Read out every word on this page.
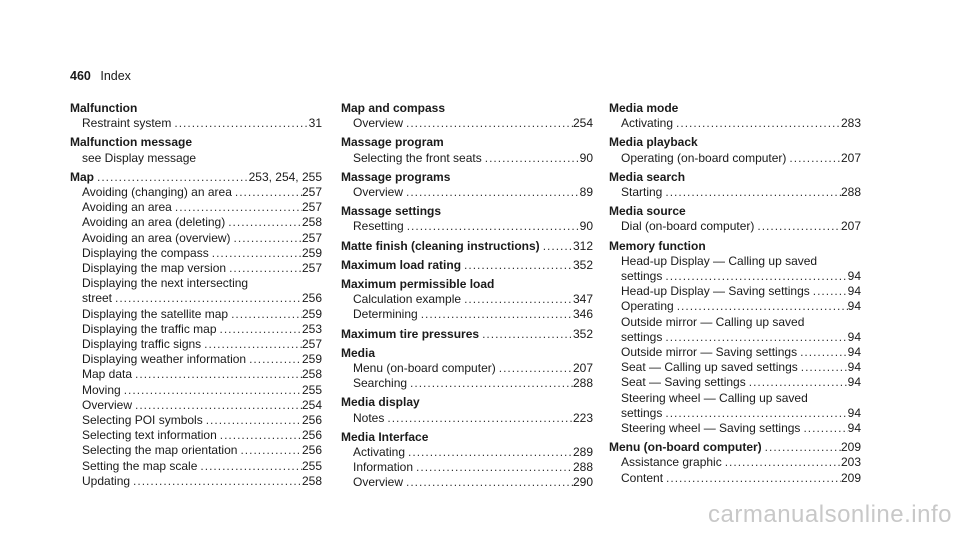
460 Index
Malfunction
Restraint system .....	31
Malfunction message
see Display message
Map .....	253, 254, 255
Avoiding (changing) an area .....	257
Avoiding an area .....	257
Avoiding an area (deleting) .....	258
Avoiding an area (overview) .....	257
Displaying the compass .....	259
Displaying the map version .....	257
Displaying the next intersecting
street .....	256
Displaying the satellite map .....	259
Displaying the traffic map .....	253
Displaying traffic signs .....	257
Displaying weather information .....	259
Map data .....	258
Moving .....	255
Overview .....	254
Selecting POI symbols .....	256
Selecting text information .....	256
Selecting the map orientation .....	256
Setting the map scale .....	255
Updating .....	258
Map and compass
Overview .....	254
Massage program
Selecting the front seats .....	90
Massage programs
Overview .....	89
Massage settings
Resetting .....	90
Matte finish (cleaning instructions) .....	312
Maximum load rating .....	352
Maximum permissible load
Calculation example .....	347
Determining .....	346
Maximum tire pressures .....	352
Media
Menu (on-board computer) .....	207
Searching .....	288
Media display
Notes .....	223
Media Interface
Activating .....	289
Information .....	288
Overview .....	290
Media mode
Activating .....	283
Media playback
Operating (on-board computer) .....	207
Media search
Starting .....	288
Media source
Dial (on-board computer) .....	207
Memory function
Head-up Display — Calling up saved
settings .....	94
Head-up Display — Saving settings .....	94
Operating .....	94
Outside mirror — Calling up saved
settings .....	94
Outside mirror — Saving settings .....	94
Seat — Calling up saved settings .....	94
Seat — Saving settings .....	94
Steering wheel — Calling up saved
settings .....	94
Steering wheel — Saving settings .....	94
Menu (on-board computer) .....	209
Assistance graphic .....	203
Content .....	209
carmanualsonline.info
